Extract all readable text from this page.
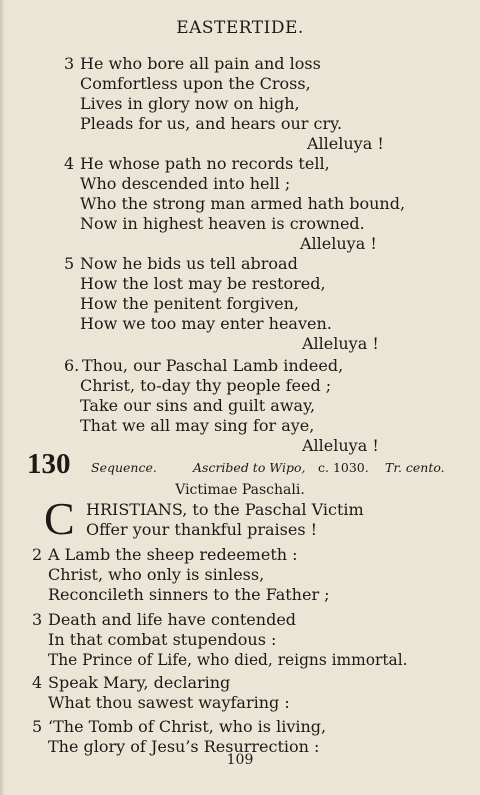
EASTERTIDE.
3 He who bore all pain and loss
Comfortless upon the Cross,
Lives in glory now on high,
Pleads for us, and hears our cry.
Alleluya !
4 He whose path no records tell,
Who descended into hell ;
Who the strong man armed hath bound,
Now in highest heaven is crowned.
Alleluya !
5 Now he bids us tell abroad
How the lost may be restored,
How the penitent forgiven,
How we too may enter heaven.
Alleluya !
6. Thou, our Paschal Lamb indeed,
Christ, to-day thy people feed ;
Take our sins and guilt away,
That we all may sing for aye,
Alleluya !
130 Sequence.	Ascribed to Wipo, c. 1030. Tr. cento.
Victimae Paschali.
C HRISTIANS, to the Paschal Victim
Offer your thankful praises !
2 A Lamb the sheep redeemeth :
Christ, who only is sinless,
Reconcileth sinners to the Father ;
3 Death and life have contended
In that combat stupendous :
The Prince of Life, who died, reigns immortal.
4 Speak Mary, declaring
What thou sawest wayfaring :
5 ‘The Tomb of Christ, who is living,
The glory of Jesu’s Resurrection :
109
